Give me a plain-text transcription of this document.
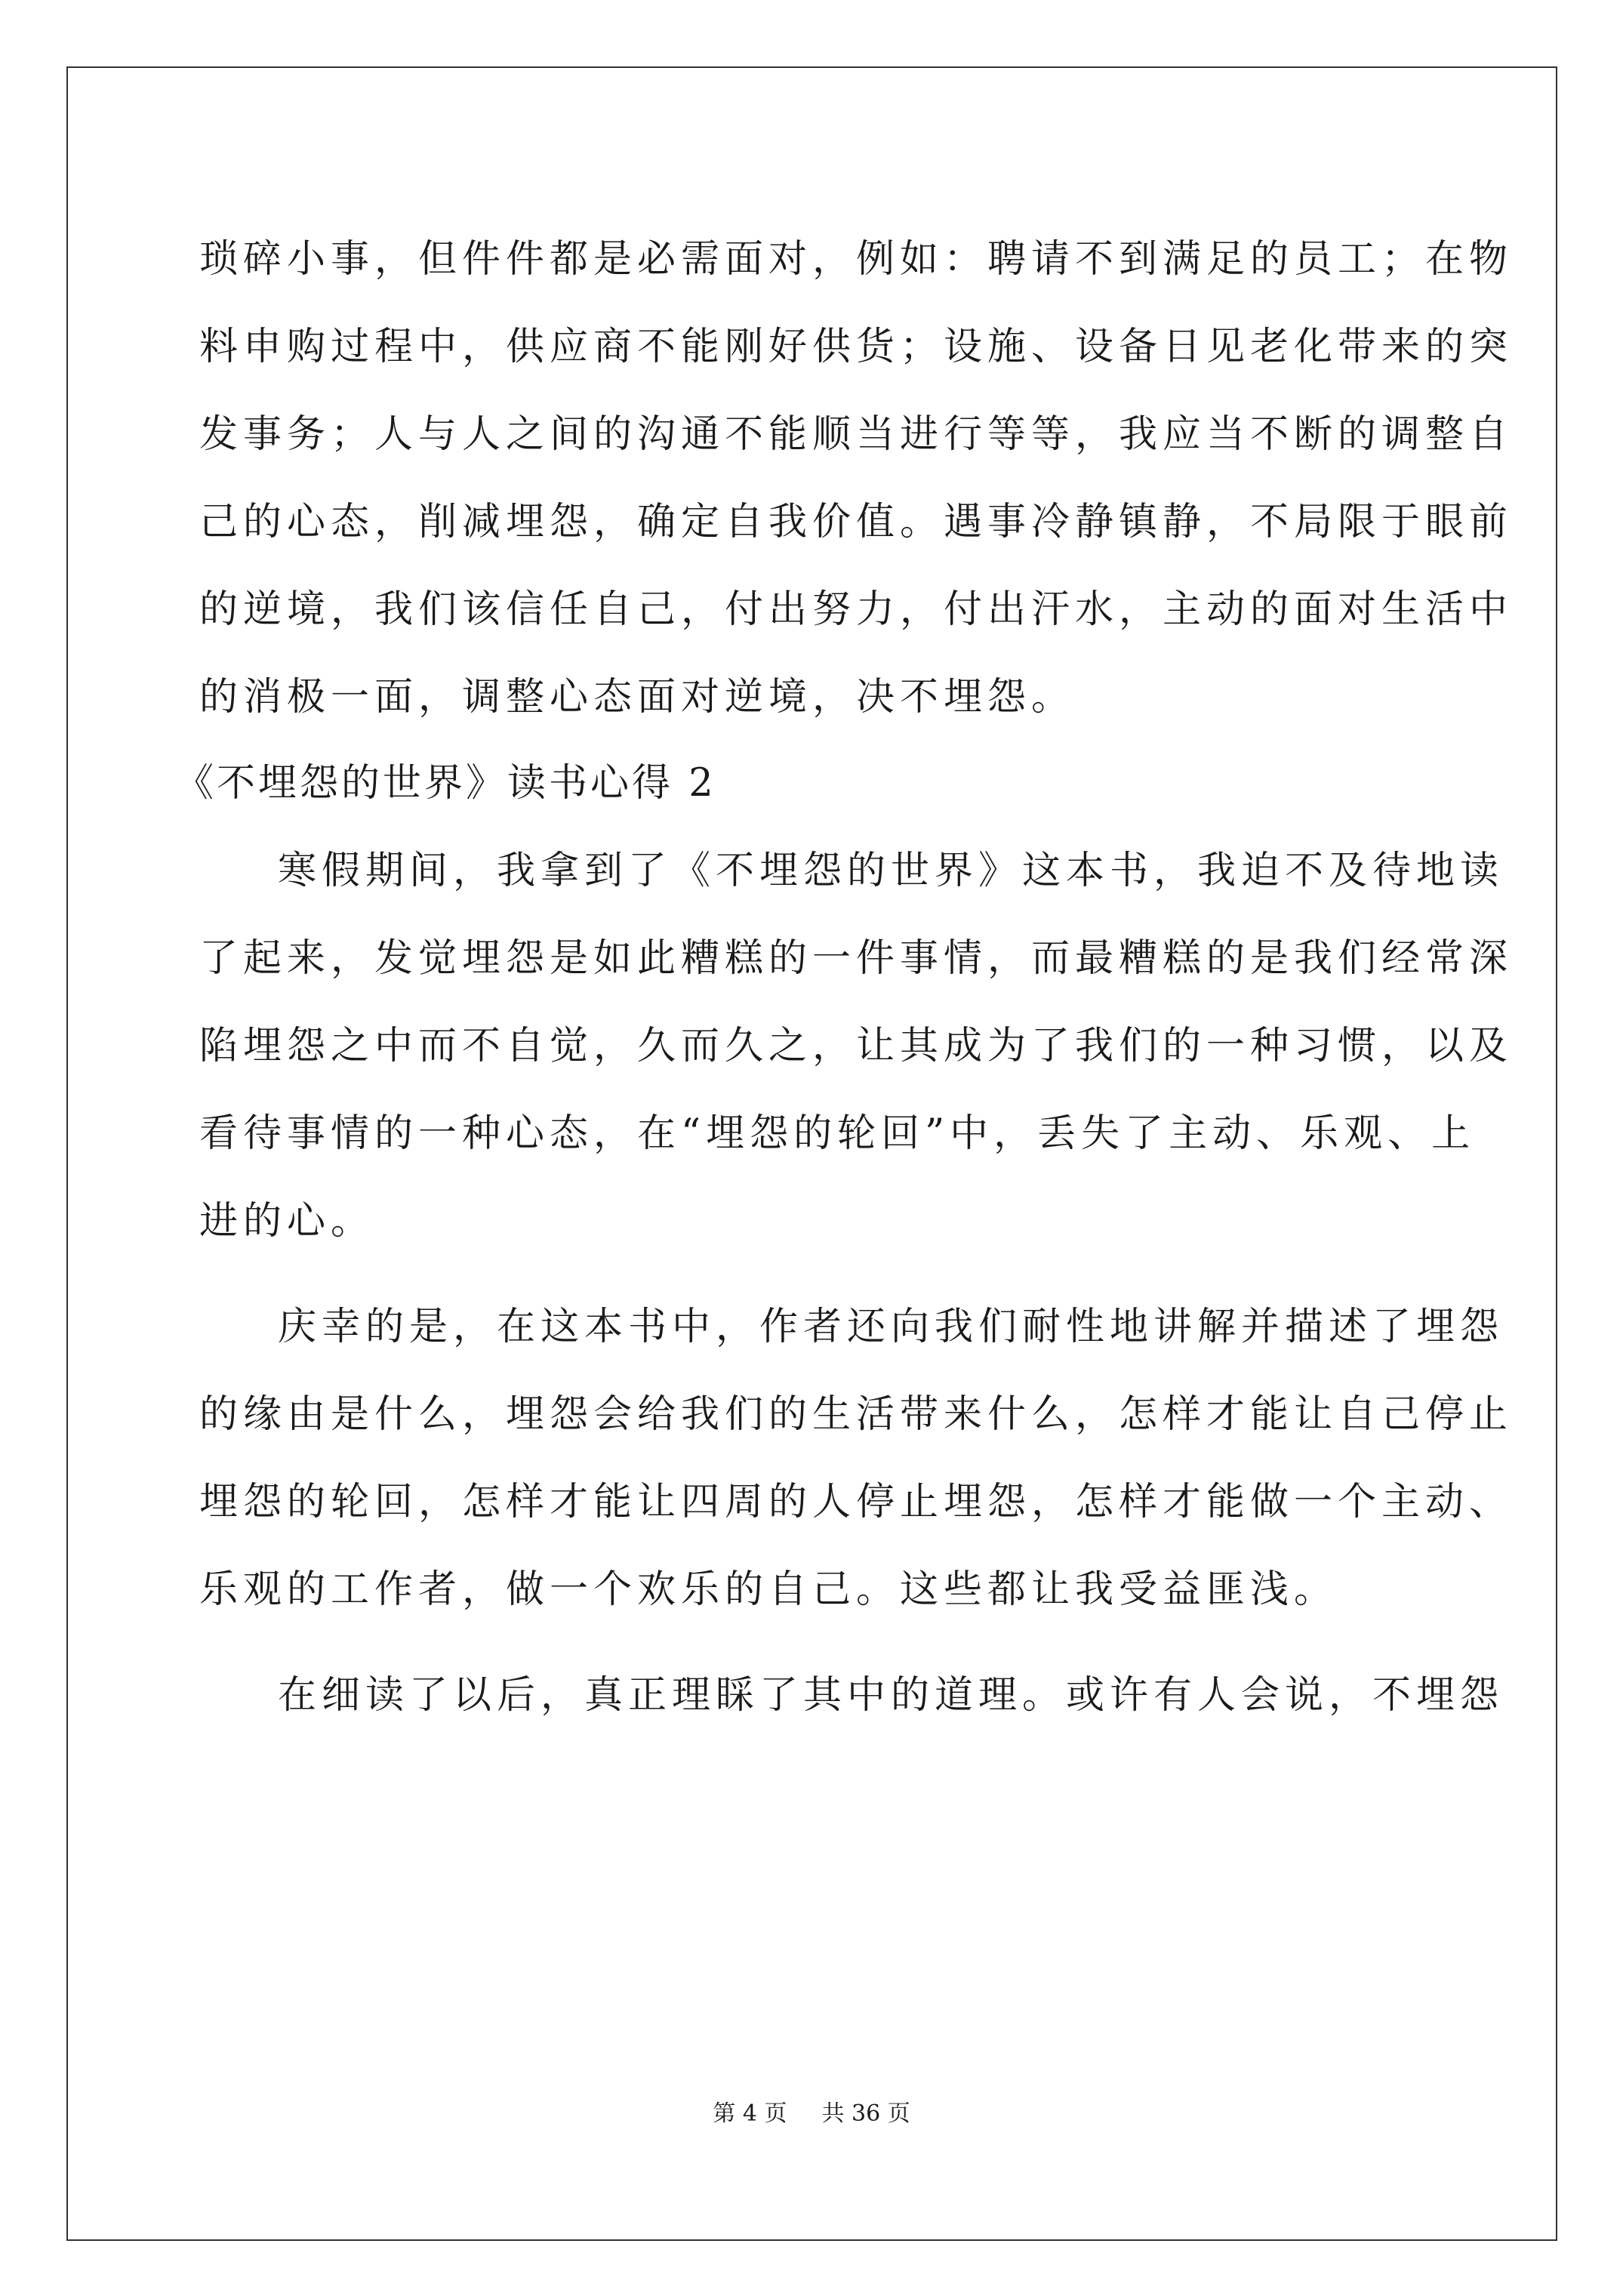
琐碎小事，但件件都是必需面对，例如：聘请不到满足的员工；在物
料申购过程中，供应商不能刚好供货；设施、设备日见老化带来的突
发事务；人与人之间的沟通不能顺当进行等等，我应当不断的调整自
己的心态，削减埋怨，确定自我价值。遇事冷静镇静，不局限于眼前
的逆境，我们该信任自己，付出努力，付出汗水，主动的面对生活中
的消极一面，调整心态面对逆境，决不埋怨。
《不埋怨的世界》读书心得 2
寒假期间，我拿到了《不埋怨的世界》这本书，我迫不及待地读
了起来，发觉埋怨是如此糟糕的一件事情，而最糟糕的是我们经常深
陷埋怨之中而不自觉，久而久之，让其成为了我们的一种习惯，以及
看待事情的一种心态，在“埋怨的轮回”中，丢失了主动、乐观、上
进的心。
庆幸的是，在这本书中，作者还向我们耐性地讲解并描述了埋怨
的缘由是什么，埋怨会给我们的生活带来什么，怎样才能让自己停止
埋怨的轮回，怎样才能让四周的人停止埋怨，怎样才能做一个主动、
乐观的工作者，做一个欢乐的自己。这些都让我受益匪浅。
在细读了以后，真正理睬了其中的道理。或许有人会说，不埋怨
第 4 页 共 36 页
